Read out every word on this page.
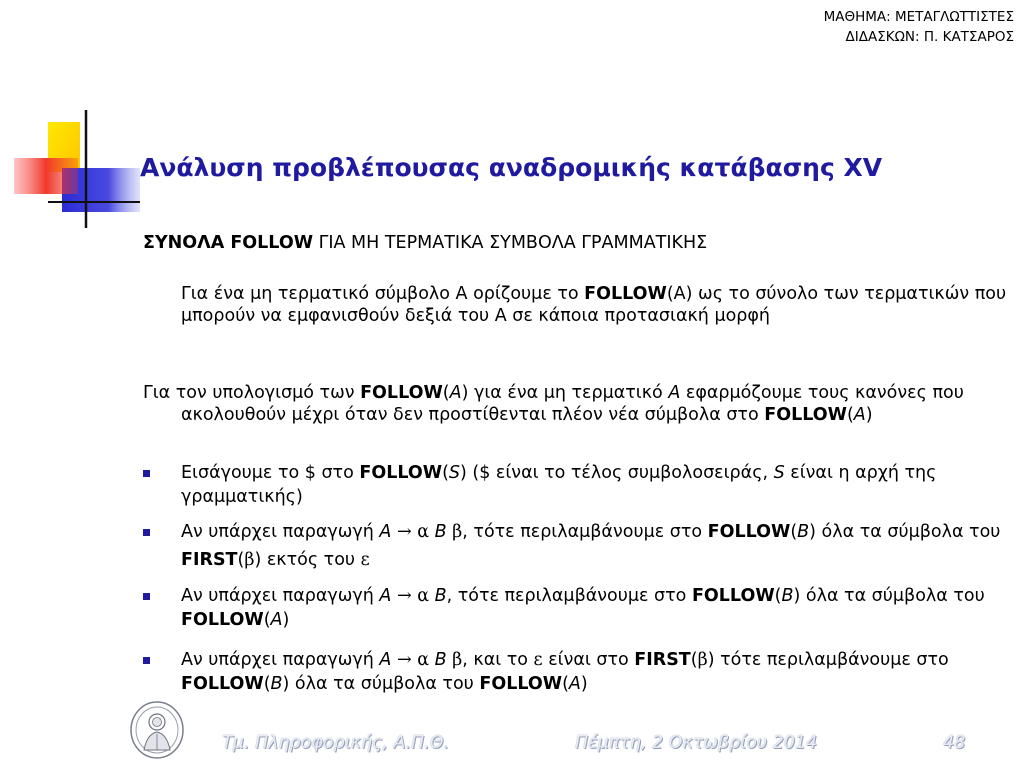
ΜΑΘΗΜΑ: ΜΕΤΑΓΛΩΤΤΙΣΤΕΣ
ΔΙΔΑΣΚΩΝ: Π. ΚΑΤΣΑΡΟΣ
Ανάλυση προβλέπουσας αναδρομικής κατάβασης XV

ΣΥΝΟΛΑ FOLLOW ΓΙΑ ΜΗ ΤΕΡΜΑΤΙΚΑ ΣΥΜΒΟΛΑ ΓΡΑΜΜΑΤΙΚΗΣ

Για ένα μη τερματικό σύμβολο A ορίζουμε το FOLLOW(A) ως το σύνολο των τερματικών που μπορούν να εμφανισθούν δεξιά του A σε κάποια προτασιακή μορφή

Για τον υπολογισμό των FOLLOW(A) για ένα μη τερματικό A εφαρμόζουμε τους κανόνες που ακολουθούν μέχρι όταν δεν προστίθενται πλέον νέα σύμβολα στο FOLLOW(A)

Εισάγουμε το $ στο FOLLOW(S) ($ είναι το τέλος συμβολοσειράς, S είναι η αρχή της γραμματικής)
Αν υπάρχει παραγωγή A → α B β, τότε περιλαμβάνουμε στο FOLLOW(B) όλα τα σύμβολα του FIRST(β) εκτός του ε
Αν υπάρχει παραγωγή A → α B, τότε περιλαμβάνουμε στο FOLLOW(B) όλα τα σύμβολα του FOLLOW(A)
Αν υπάρχει παραγωγή A → α B β, και το ε είναι στο FIRST(β) τότε περιλαμβάνουμε στο FOLLOW(B) όλα τα σύμβολα του FOLLOW(A)
Τμ. Πληροφορικής, Α.Π.Θ.	Πέμπτη, 2 Οκτωβρίου 2014	48
